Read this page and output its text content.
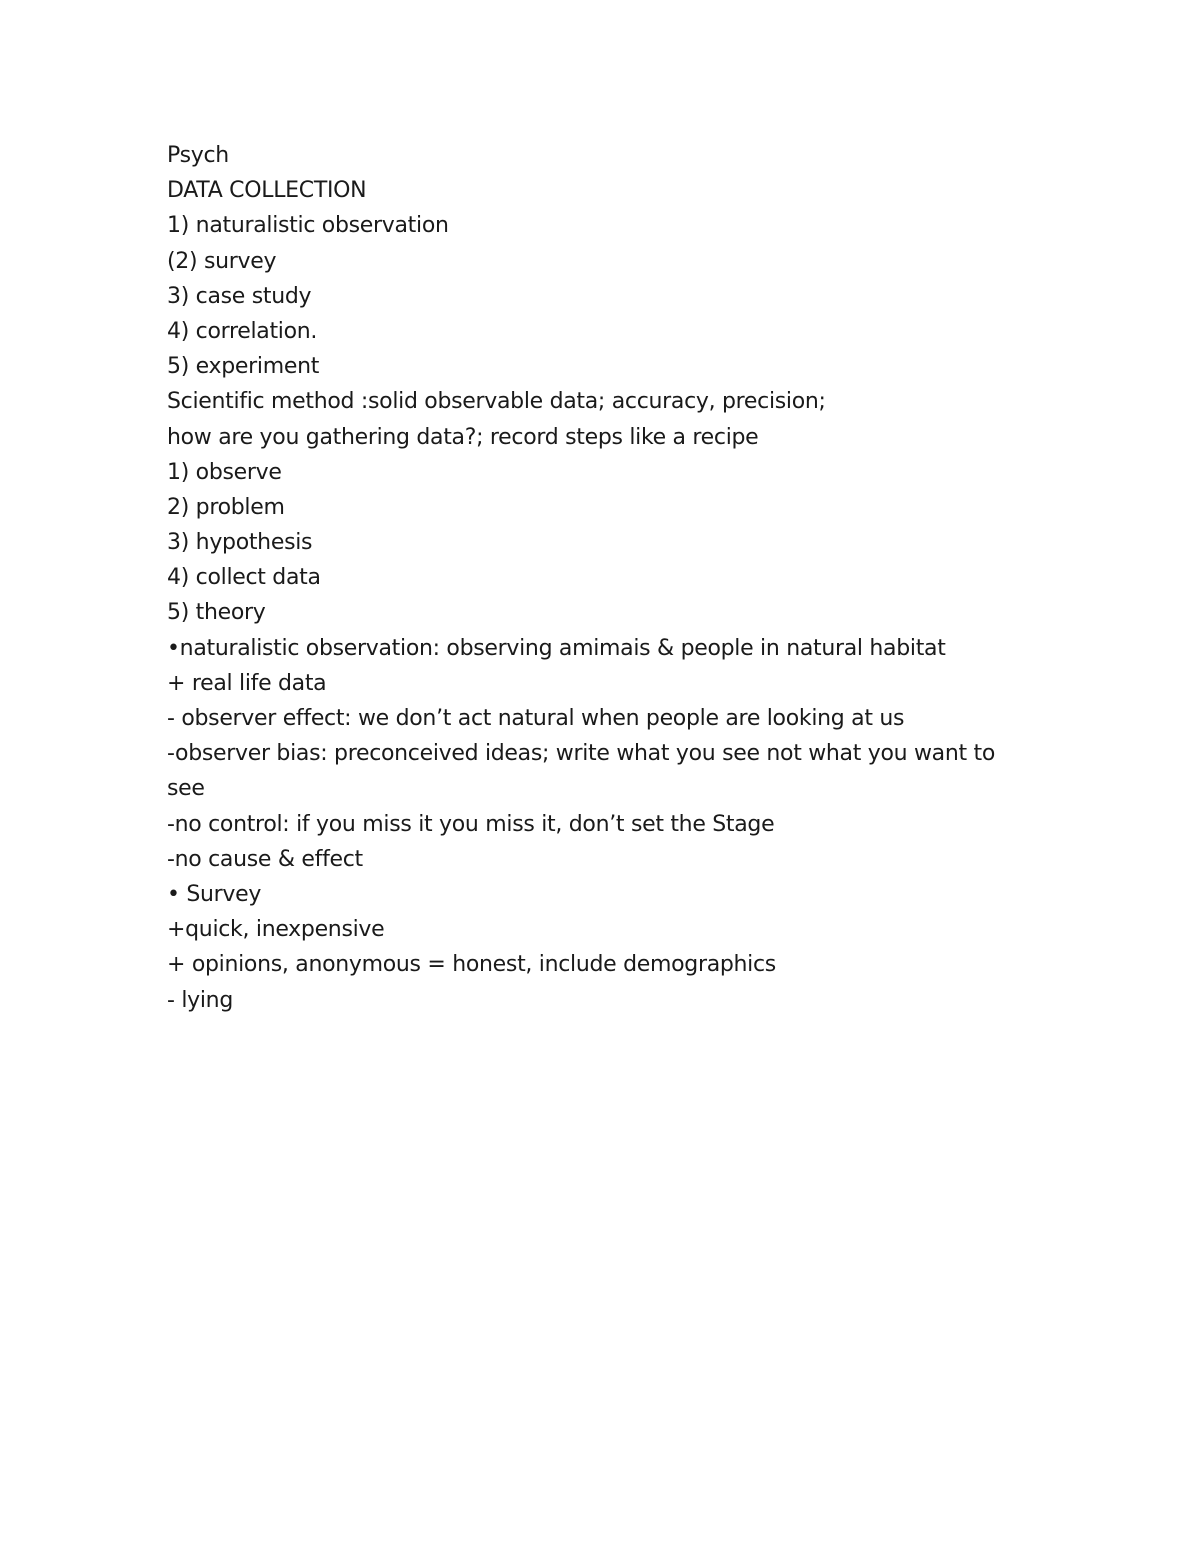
Psych
DATA COLLECTION
1) naturalistic observation
(2) survey
3) case study
4) correlation.
5) experiment
Scientific method :solid observable data; accuracy, precision;
how are you gathering data?; record steps like a recipe
1) observe
2) problem
3) hypothesis
4) collect data
5) theory
•naturalistic observation: observing amimais & people in natural habitat
+ real life data
- observer effect: we don’t act natural when people are looking at us
-observer bias: preconceived ideas; write what you see not what you want to
see
-no control: if you miss it you miss it, don’t set the Stage
-no cause & effect
• Survey
+quick, inexpensive
+ opinions, anonymous = honest, include demographics
- lying
